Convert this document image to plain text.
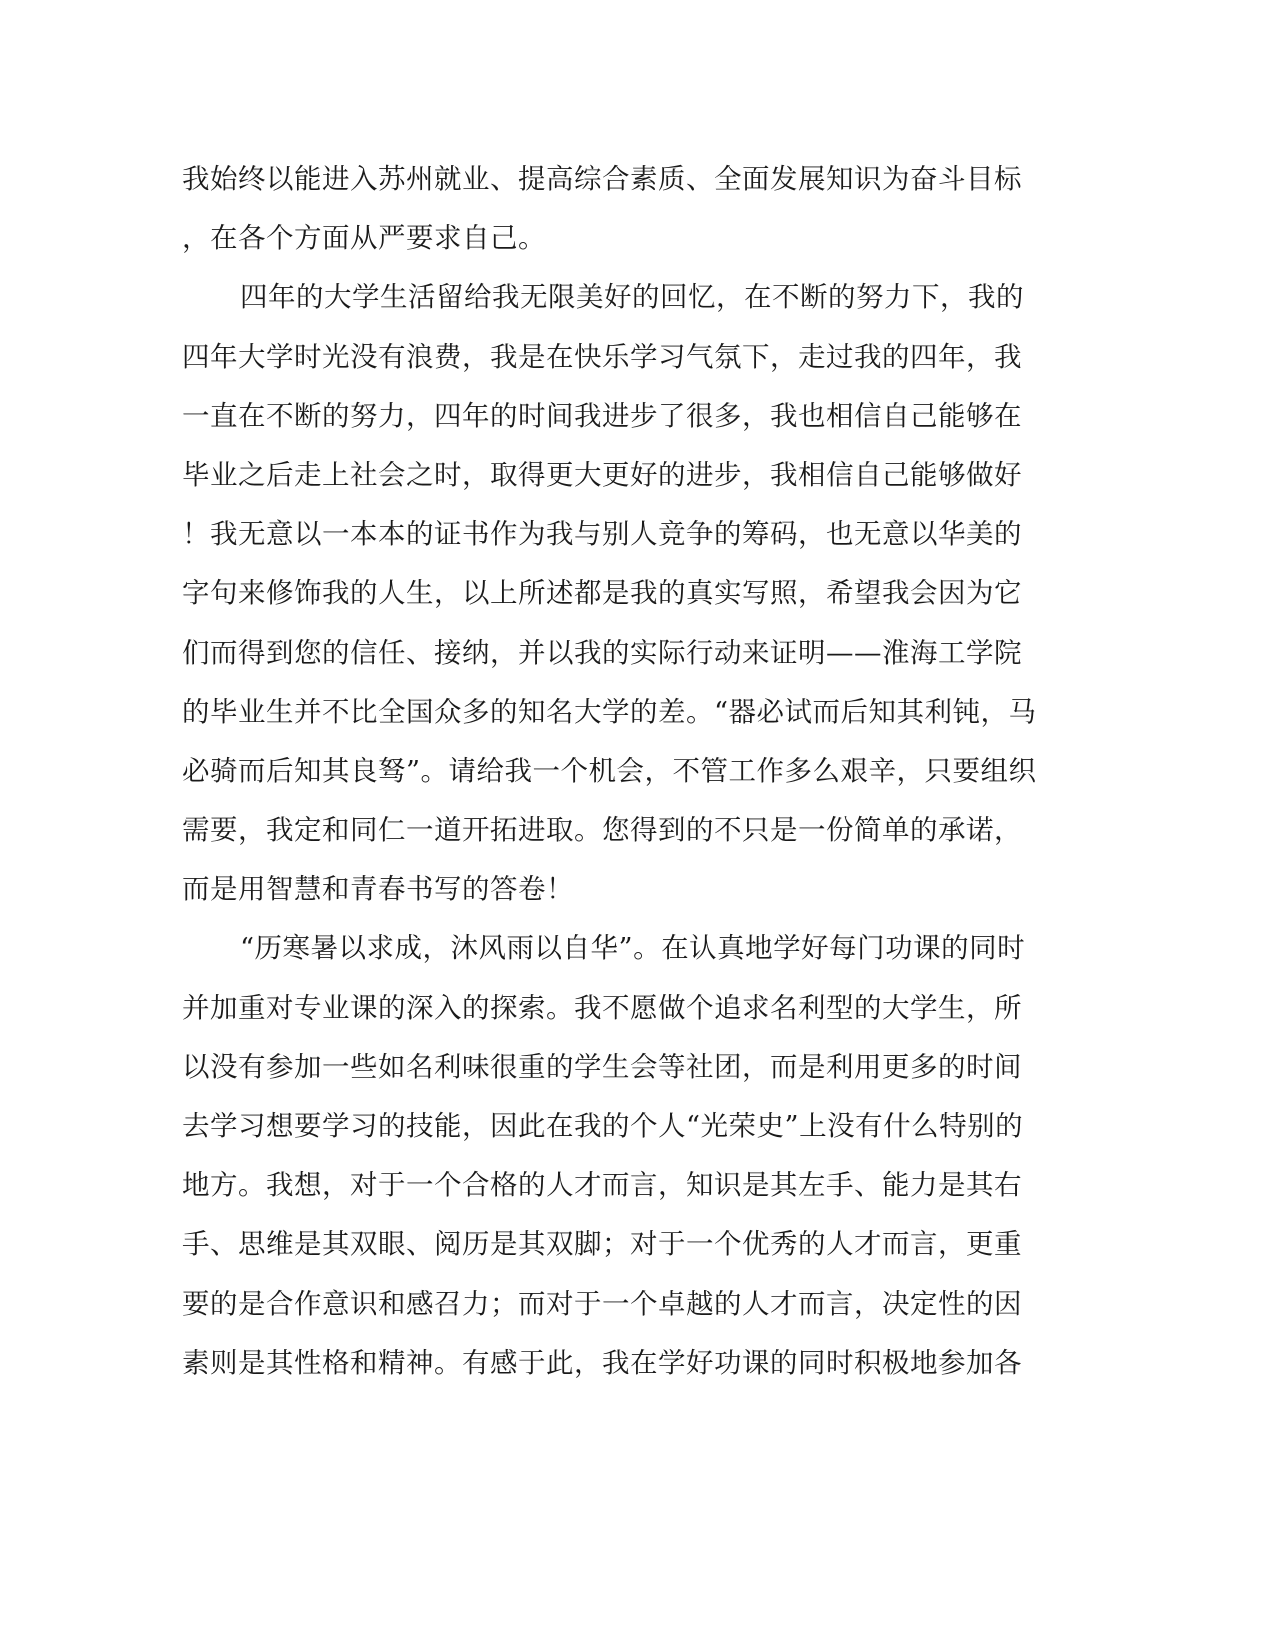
我始终以能进入苏州就业、提高综合素质、全面发展知识为奋斗目标
，在各个方面从严要求自己。
四年的大学生活留给我无限美好的回忆，在不断的努力下，我的
四年大学时光没有浪费，我是在快乐学习气氛下，走过我的四年，我
一直在不断的努力，四年的时间我进步了很多，我也相信自己能够在
毕业之后走上社会之时，取得更大更好的进步，我相信自己能够做好
！我无意以一本本的证书作为我与别人竞争的筹码，也无意以华美的
字句来修饰我的人生，以上所述都是我的真实写照，希望我会因为它
们而得到您的信任、接纳，并以我的实际行动来证明——淮海工学院
的毕业生并不比全国众多的知名大学的差。“器必试而后知其利钝，马
必骑而后知其良驽”。请给我一个机会，不管工作多么艰辛，只要组织
需要，我定和同仁一道开拓进取。您得到的不只是一份简单的承诺，
而是用智慧和青春书写的答卷！
“历寒暑以求成，沐风雨以自华”。在认真地学好每门功课的同时
并加重对专业课的深入的探索。我不愿做个追求名利型的大学生，所
以没有参加一些如名利味很重的学生会等社团，而是利用更多的时间
去学习想要学习的技能，因此在我的个人“光荣史”上没有什么特别的
地方。我想，对于一个合格的人才而言，知识是其左手、能力是其右
手、思维是其双眼、阅历是其双脚；对于一个优秀的人才而言，更重
要的是合作意识和感召力；而对于一个卓越的人才而言，决定性的因
素则是其性格和精神。有感于此，我在学好功课的同时积极地参加各
